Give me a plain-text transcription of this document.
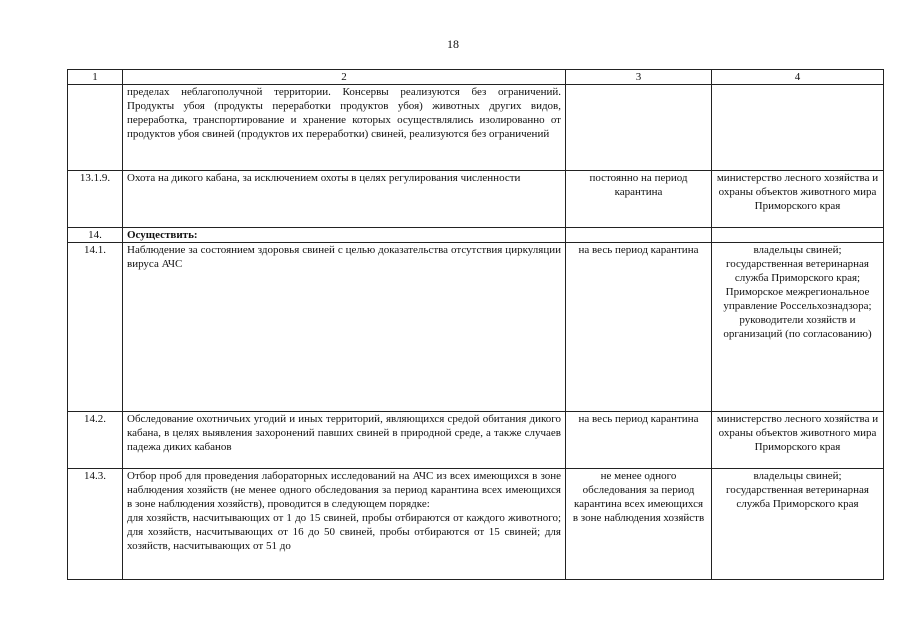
18
1	2	3	4

	пределах неблагополучной территории. Консервы реализуются без ограничений.
Продукты убоя (продукты переработки продуктов убоя) животных других видов, переработка, транспортирование и хранение которых осуществлялись изолированно от продуктов убоя свиней (продуктов их переработки) свиней, реализуются без ограничений		

13.1.9.	Охота на дикого кабана, за исключением охоты в целях регулирования численности	постоянно на период карантина	министерство лесного хозяйства и охраны объектов животного мира Приморского края
14.	Осуществить:		

14.1.	Наблюдение за состоянием здоровья свиней с целью доказательства отсутствия циркуляции вируса АЧС	на весь период карантина	владельцы свиней; государственная ветеринарная служба Приморского края; Приморское межрегиональное управление Россельхознадзора; руководители хозяйств и организаций (по согласованию)
14.2.	Обследование охотничьих угодий и иных территорий, являющихся средой обитания дикого кабана, в целях выявления захоронений павших свиней в природной среде, а также случаев падежа диких кабанов	на весь период карантина	министерство лесного хозяйства и охраны объектов животного мира Приморского края
14.3.	Отбор проб для проведения лабораторных исследований на АЧС из всех имеющихся в зоне наблюдения хозяйств (не менее одного обследования за период карантина всех имеющихся в зоне наблюдения хозяйств), проводится в следующем порядке:
для хозяйств, насчитывающих от 1 до 15 свиней, пробы отбираются от каждого животного; для хозяйств, насчитывающих от 16 до 50 свиней, пробы отбираются от 15 свиней; для хозяйств, насчитывающих от 51 до	не менее одного обследования за период карантина всех имеющихся в зоне наблюдения хозяйств	владельцы свиней; государственная ветеринарная служба Приморского края
